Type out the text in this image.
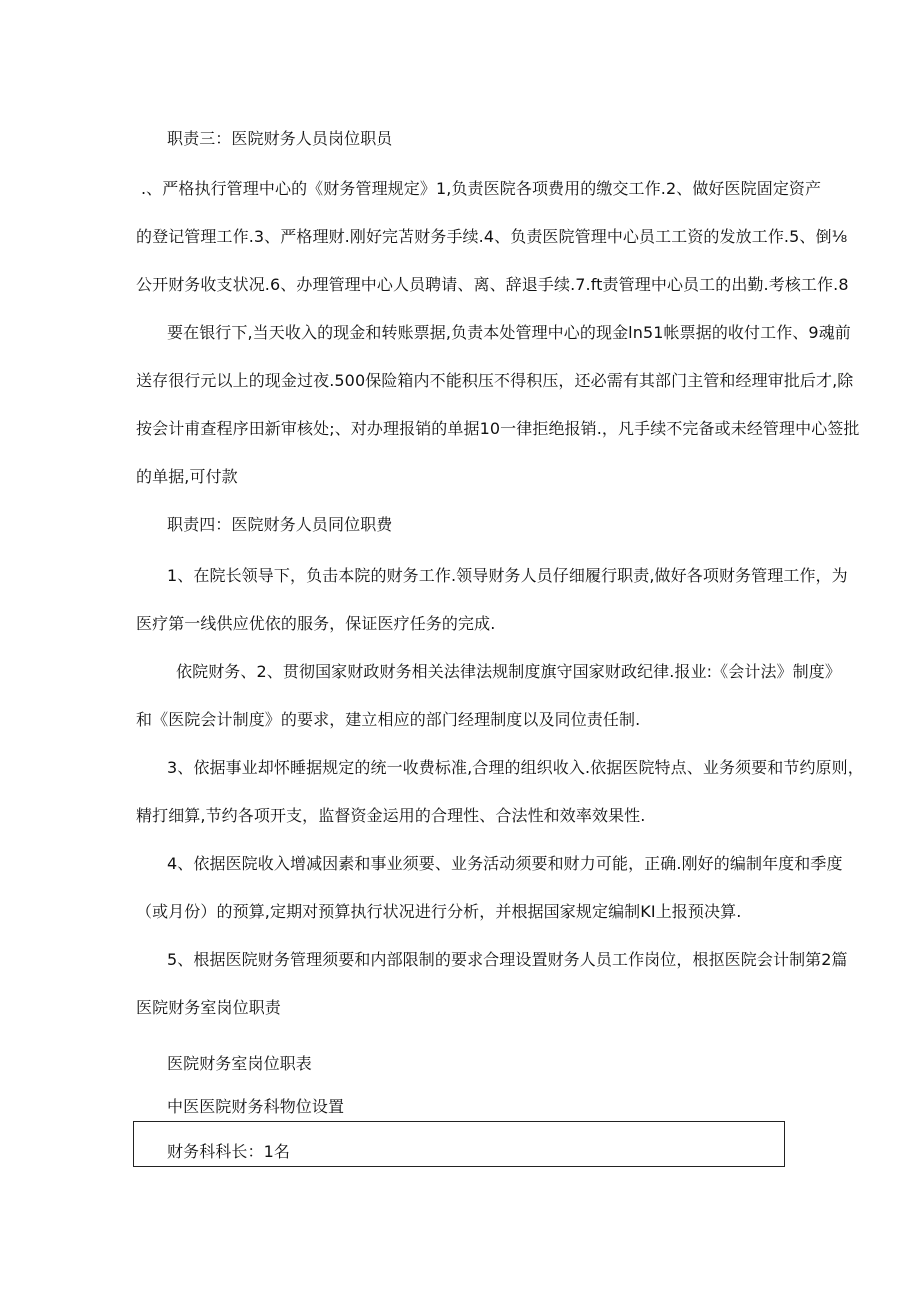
职责三：医院财务人员岗位职员

.、严格执行管理中心的《财务管理规定》1,负责医院各项费用的缴交工作.2、做好医院固定资产

的登记管理工作.3、严格理财.刚好完苫财务手续.4、负责医院管理中心员工工资的发放工作.5、倒⅛

公开财务收支状况.6、办理管理中心人员聘请、离、辞退手续.7.ft责管理中心员工的出勤.考核工作.8

要在银行下,当天收入的现金和转账票据,负责本处管理中心的现金ln51帐票据的收付工作、9魂前

送存很行元以上的现金过夜.500保险箱内不能积压不得积压，还必需有其部门主管和经理审批后才,除

按会计甫查程序田新审核处;、对办理报销的单据10一律拒绝报销.，凡手续不完备或未经管理中心签批

的单据,可付款

职责四：医院财务人员同位职费

1、在院长领导下，负击本院的财务工作.领导财务人员仔细履行职责,做好各项财务管理工作，为

医疗第一线供应优依的服务，保证医疗任务的完成.

依院财务、2、贯彻国家财政财务相关法律法规制度旗守国家财政纪律.报业:《会计法》制度》

和《医院会计制度》的要求，建立相应的部门经理制度以及同位责任制.

3、依据事业却怀睡据规定的统一收费标准,合理的组织收入.依据医院特点、业务须要和节约原则，

精打细算,节约各项开支，监督资金运用的合理性、合法性和效率效果性.

4、依据医院收入增减因素和事业须要、业务活动须要和财力可能，正确.刚好的编制年度和季度

（或月份）的预算,定期对预算执行状况进行分析，并根据国家规定编制KI上报预决算.

5、根据医院财务管理须要和内部限制的要求合理设置财务人员工作岗位，根抠医院会计制第2篇

医院财务室岗位职责

医院财务室岗位职表

中医医院财务科物位设置

财务科科长：1名
